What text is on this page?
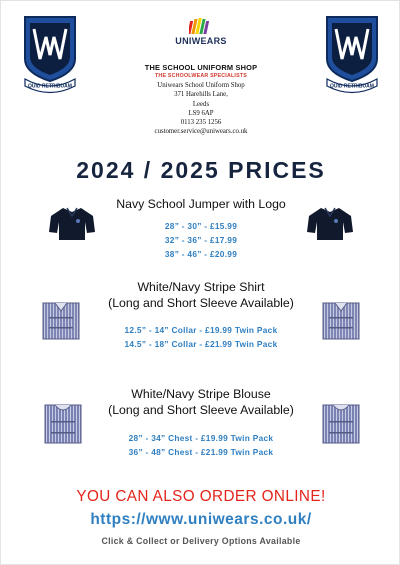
QUID RETRIBUAM	QUID RETRIBUAM
UNIWEARS
THE SCHOOL UNIFORM SHOP
THE SCHOOLWEAR SPECIALISTS
Uniwears School Uniform Shop
371 Harehills Lane,
Leeds
LS9 6AP
0113 235 1256
customer.service@uniwears.co.uk
2024 / 2025 PRICES
Navy School Jumper with Logo
28” - 30” - £15.99
32” - 36” - £17.99
38” - 46” - £20.99
White/Navy Stripe Shirt
(Long and Short Sleeve Available)
12.5” - 14” Collar - £19.99 Twin Pack
14.5” - 18” Collar - £21.99 Twin Pack
White/Navy Stripe Blouse
(Long and Short Sleeve Available)
28” - 34” Chest - £19.99 Twin Pack
36” - 48” Chest - £21.99 Twin Pack
YOU CAN ALSO ORDER ONLINE!
https://www.uniwears.co.uk/
Click & Collect or Delivery Options Available
